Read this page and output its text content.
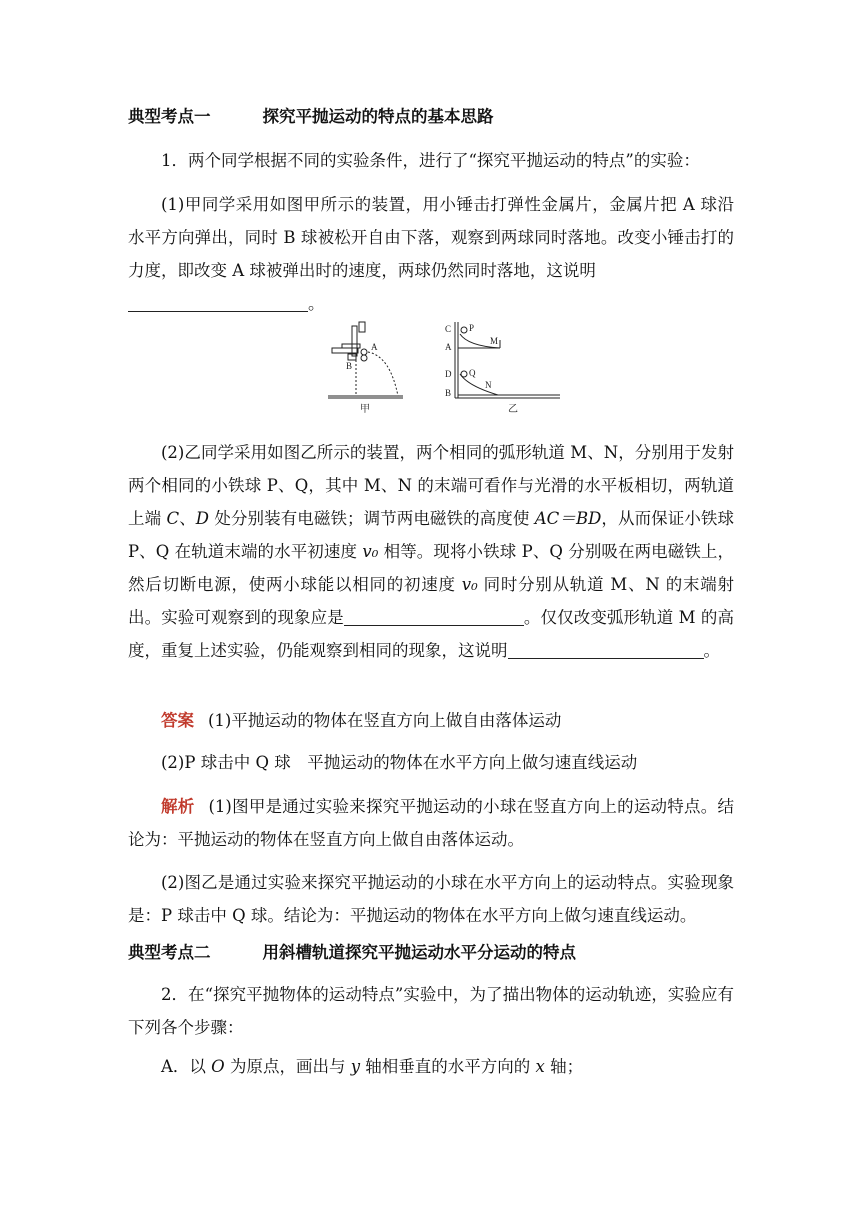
典型考点一	探究平抛运动的特点的基本思路

1．两个同学根据不同的实验条件，进行了“探究平抛运动的特点”的实验：

(1)甲同学采用如图甲所示的装置，用小锤击打弹性金属片，金属片把 A 球沿水平方向弹出，同时 B 球被松开自由下落，观察到两球同时落地。改变小锤击打的力度，即改变 A 球被弹出时的速度，两球仍然同时落地，这说明
。

A
B
甲
C
A
D
B
P
M
Q
N
乙

(2)乙同学采用如图乙所示的装置，两个相同的弧形轨道 M、N，分别用于发射两个相同的小铁球 P、Q，其中 M、N 的末端可看作与光滑的水平板相切，两轨道上端 C、D 处分别装有电磁铁；调节两电磁铁的高度使 AC＝BD，从而保证小铁球 P、Q 在轨道末端的水平初速度 v₀ 相等。现将小铁球 P、Q 分别吸在两电磁铁上，然后切断电源，使两小球能以相同的初速度 v₀ 同时分别从轨道 M、N 的末端射出。实验可观察到的现象应是	。仅仅改变弧形轨道 M 的高度，重复上述实验，仍能观察到相同的现象，这说明	。

答案 (1)平抛运动的物体在竖直方向上做自由落体运动

(2)P 球击中 Q 球　平抛运动的物体在水平方向上做匀速直线运动

解析 (1)图甲是通过实验来探究平抛运动的小球在竖直方向上的运动特点。结论为：平抛运动的物体在竖直方向上做自由落体运动。

(2)图乙是通过实验来探究平抛运动的小球在水平方向上的运动特点。实验现象是：P 球击中 Q 球。结论为：平抛运动的物体在水平方向上做匀速直线运动。

典型考点二	用斜槽轨道探究平抛运动水平分运动的特点

2．在“探究平抛物体的运动特点”实验中，为了描出物体的运动轨迹，实验应有下列各个步骤：

A．以 O 为原点，画出与 y 轴相垂直的水平方向的 x 轴；
